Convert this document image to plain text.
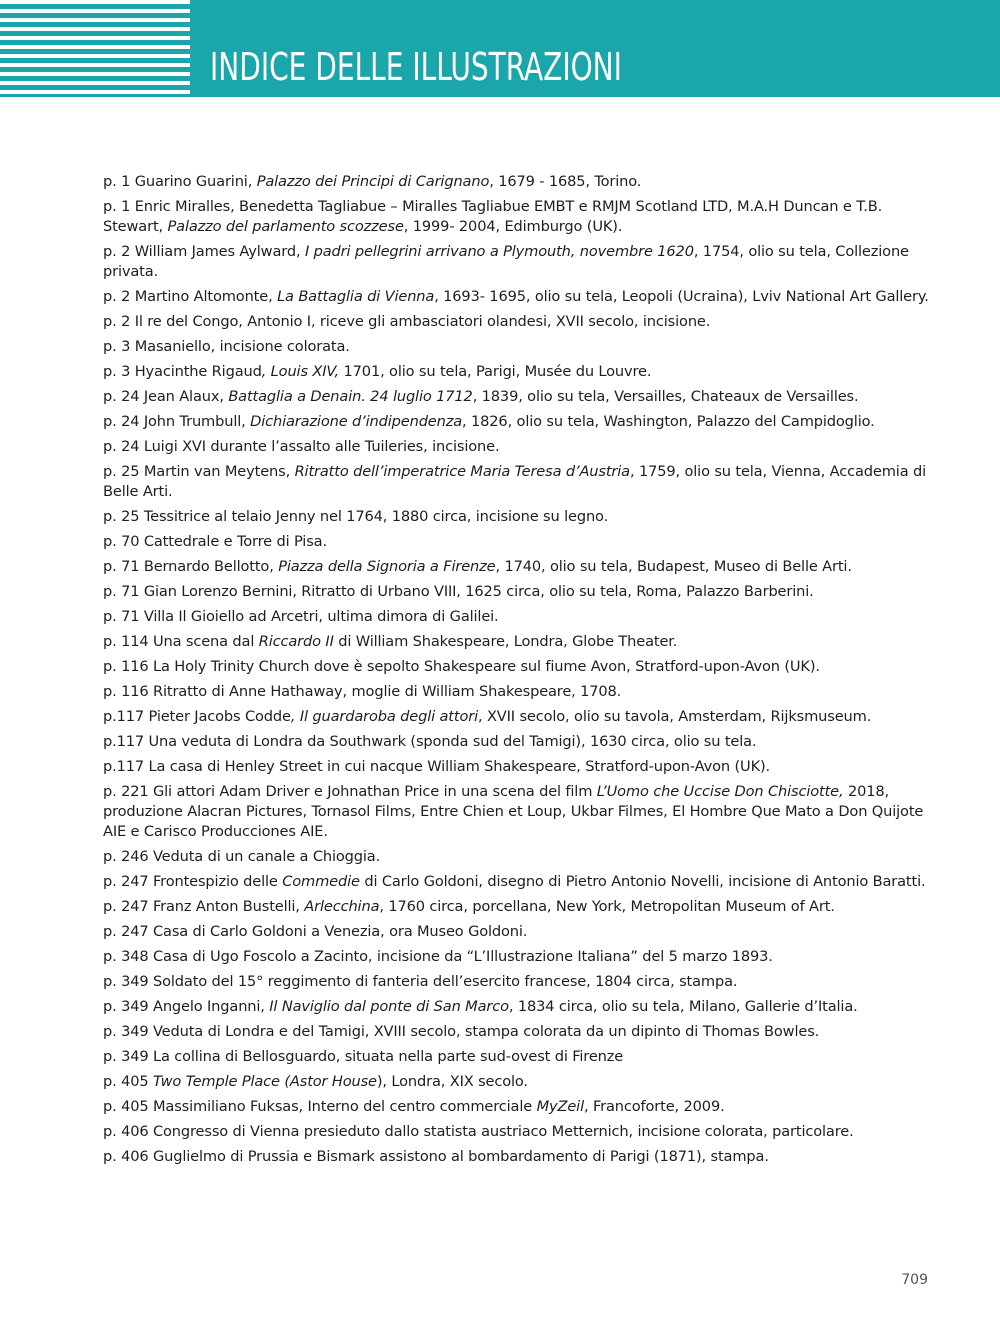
INDICE DELLE ILLUSTRAZIONI
p. 1 Guarino Guarini, Palazzo dei Principi di Carignano, 1679 - 1685, Torino.
p. 1 Enric Miralles, Benedetta Tagliabue – Miralles Tagliabue EMBT e RMJM Scotland LTD, M.A.H Duncan e T.B. Stewart, Palazzo del parlamento scozzese, 1999- 2004, Edimburgo (UK).
p. 2 William James Aylward, I padri pellegrini arrivano a Plymouth, novembre 1620, 1754, olio su tela, Collezione privata.
p. 2 Martino Altomonte, La Battaglia di Vienna, 1693- 1695, olio su tela, Leopoli (Ucraina), Lviv National Art Gallery.
p. 2 Il re del Congo, Antonio I, riceve gli ambasciatori olandesi, XVII secolo, incisione.
p. 3 Masaniello, incisione colorata.
p. 3 Hyacinthe Rigaud, Louis XIV, 1701, olio su tela, Parigi, Musée du Louvre.
p. 24 Jean Alaux, Battaglia a Denain. 24 luglio 1712, 1839, olio su tela, Versailles, Chateaux de Versailles.
p. 24 John Trumbull, Dichiarazione d’indipendenza, 1826, olio su tela, Washington, Palazzo del Campidoglio.
p. 24 Luigi XVI durante l’assalto alle Tuileries, incisione.
p. 25 Martin van Meytens, Ritratto dell’imperatrice Maria Teresa d’Austria, 1759, olio su tela, Vienna, Accademia di Belle Arti.
p. 25 Tessitrice al telaio Jenny nel 1764, 1880 circa, incisione su legno.
p. 70 Cattedrale e Torre di Pisa.
p. 71 Bernardo Bellotto, Piazza della Signoria a Firenze, 1740, olio su tela, Budapest, Museo di Belle Arti.
p. 71 Gian Lorenzo Bernini, Ritratto di Urbano VIII, 1625 circa, olio su tela, Roma, Palazzo Barberini.
p. 71 Villa Il Gioiello ad Arcetri, ultima dimora di Galilei.
p. 114 Una scena dal Riccardo II di William Shakespeare, Londra, Globe Theater.
p. 116 La Holy Trinity Church dove è sepolto Shakespeare sul fiume Avon, Stratford-upon-Avon (UK).
p. 116 Ritratto di Anne Hathaway, moglie di William Shakespeare, 1708.
p.117 Pieter Jacobs Codde, Il guardaroba degli attori, XVII secolo, olio su tavola, Amsterdam, Rijksmuseum.
p.117 Una veduta di Londra da Southwark (sponda sud del Tamigi), 1630 circa, olio su tela.
p.117 La casa di Henley Street in cui nacque William Shakespeare, Stratford-upon-Avon (UK).
p. 221 Gli attori Adam Driver e Johnathan Price in una scena del film L’Uomo che Uccise Don Chisciotte, 2018, produzione Alacran Pictures, Tornasol Films, Entre Chien et Loup, Ukbar Filmes, El Hombre Que Mato a Don Quijote AIE e Carisco Producciones AIE.
p. 246 Veduta di un canale a Chioggia.
p. 247 Frontespizio delle Commedie di Carlo Goldoni, disegno di Pietro Antonio Novelli, incisione di Antonio Baratti.
p. 247 Franz Anton Bustelli, Arlecchina, 1760 circa, porcellana, New York, Metropolitan Museum of Art.
p. 247 Casa di Carlo Goldoni a Venezia, ora Museo Goldoni.
p. 348 Casa di Ugo Foscolo a Zacinto, incisione da “L’Illustrazione Italiana” del 5 marzo 1893.
p. 349 Soldato del 15° reggimento di fanteria dell’esercito francese, 1804 circa, stampa.
p. 349 Angelo Inganni, Il Naviglio dal ponte di San Marco, 1834 circa, olio su tela, Milano, Gallerie d’Italia.
p. 349 Veduta di Londra e del Tamigi, XVIII secolo, stampa colorata da un dipinto di Thomas Bowles.
p. 349 La collina di Bellosguardo, situata nella parte sud-ovest di Firenze
p. 405 Two Temple Place (Astor House), Londra, XIX secolo.
p. 405 Massimiliano Fuksas, Interno del centro commerciale MyZeil, Francoforte, 2009.
p. 406 Congresso di Vienna presieduto dallo statista austriaco Metternich, incisione colorata, particolare.
p. 406 Guglielmo di Prussia e Bismark assistono al bombardamento di Parigi (1871), stampa.

709
